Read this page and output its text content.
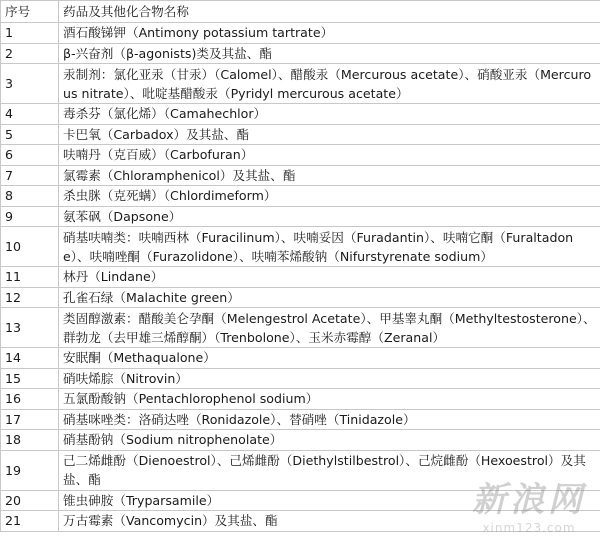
序号	药品及其他化合物名称
1	酒石酸锑钾（Antimony potassium tartrate）
2	β-兴奋剂（β-agonists)类及其盐、酯
3	汞制剂：氯化亚汞（甘汞）（Calomel）、醋酸汞（Mercurous acetate）、硝酸亚汞（Mercurous nitrate）、吡啶基醋酸汞（Pyridyl mercurous acetate）
4	毒杀芬（氯化烯）（Camahechlor）
5	卡巴氧（Carbadox）及其盐、酯
6	呋喃丹（克百威）（Carbofuran）
7	氯霉素（Chloramphenicol）及其盐、酯
8	杀虫脒（克死螨）（Chlordimeform）
9	氨苯砜（Dapsone）
10	硝基呋喃类：呋喃西林（Furacilinum）、呋喃妥因（Furadantin）、呋喃它酮（Furaltadone）、呋喃唑酮（Furazolidone）、呋喃苯烯酸钠（Nifurstyrenate sodium）
11	林丹（Lindane）
12	孔雀石绿（Malachite green）
13	类固醇激素：醋酸美仑孕酮（Melengestrol Acetate）、甲基睾丸酮（Methyltestosterone）、群勃龙（去甲雄三烯醇酮）（Trenbolone）、玉米赤霉醇（Zeranal）
14	安眠酮（Methaqualone）
15	硝呋烯腙（Nitrovin）
16	五氯酚酸钠（Pentachlorophenol sodium）
17	硝基咪唑类：洛硝达唑（Ronidazole）、替硝唑（Tinidazole）
18	硝基酚钠（Sodium nitrophenolate）
19	己二烯雌酚（Dienoestrol）、己烯雌酚（Diethylstilbestrol）、己烷雌酚（Hexoestrol）及其盐、酯
20	锥虫砷胺（Tryparsamile）
21	万古霉素（Vancomycin）及其盐、酯
新浪网
xinm123.com
